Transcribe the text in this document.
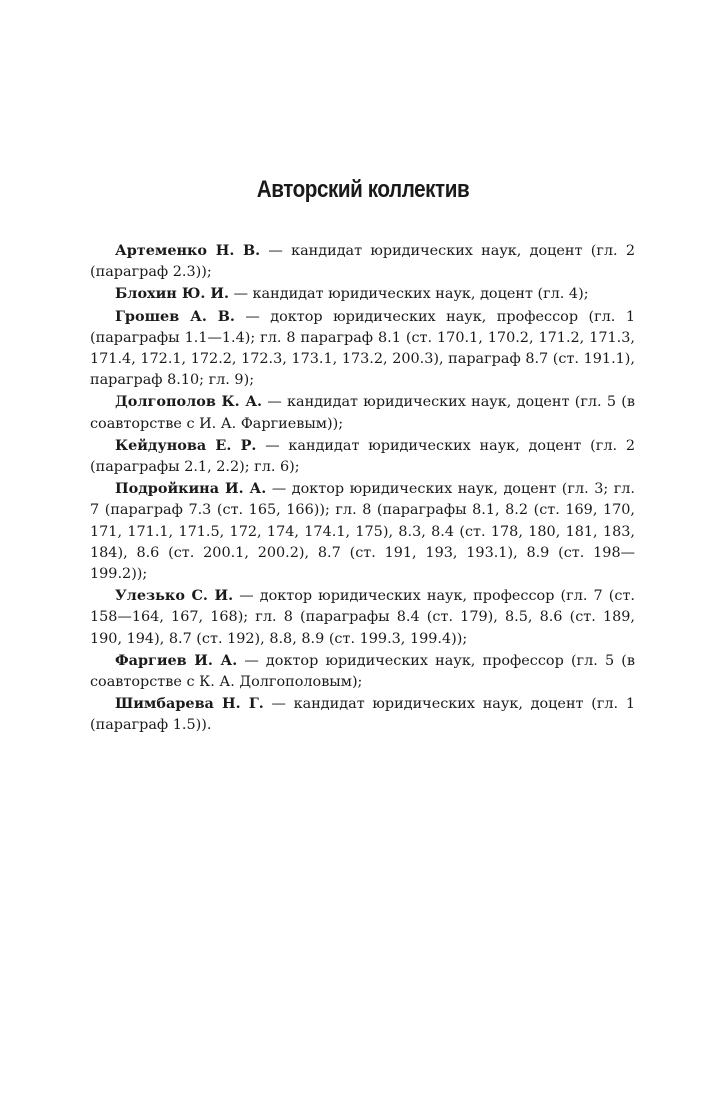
Авторский коллектив

Артеменко Н. В. — кандидат юридических наук, доцент (гл. 2 (параграф 2.3));

Блохин Ю. И. — кандидат юридических наук, доцент (гл. 4);

Грошев А. В. — доктор юридических наук, профессор (гл. 1 (параграфы 1.1—1.4); гл. 8 параграф 8.1 (ст. 170.1, 170.2, 171.2, 171.3, 171.4, 172.1, 172.2, 172.3, 173.1, 173.2, 200.3), параграф 8.7 (ст. 191.1), параграф 8.10; гл. 9);

Долгополов К. А. — кандидат юридических наук, доцент (гл. 5 (в соавторстве с И. А. Фаргиевым));

Кейдунова Е. Р. — кандидат юридических наук, доцент (гл. 2 (параграфы 2.1, 2.2); гл. 6);

Подройкина И. А. — доктор юридических наук, доцент (гл. 3; гл. 7 (параграф 7.3 (ст. 165, 166)); гл. 8 (параграфы 8.1, 8.2 (ст. 169, 170, 171, 171.1, 171.5, 172, 174, 174.1, 175), 8.3, 8.4 (ст. 178, 180, 181, 183, 184), 8.6 (ст. 200.1, 200.2), 8.7 (ст. 191, 193, 193.1), 8.9 (ст. 198—199.2));

Улезько С. И. — доктор юридических наук, профессор (гл. 7 (ст. 158—164, 167, 168); гл. 8 (параграфы 8.4 (ст. 179), 8.5, 8.6 (ст. 189, 190, 194), 8.7 (ст. 192), 8.8, 8.9 (ст. 199.3, 199.4));

Фаргиев И. А. — доктор юридических наук, профессор (гл. 5 (в соавторстве с К. А. Долгополовым);

Шимбарева Н. Г. — кандидат юридических наук, доцент (гл. 1 (параграф 1.5)).
